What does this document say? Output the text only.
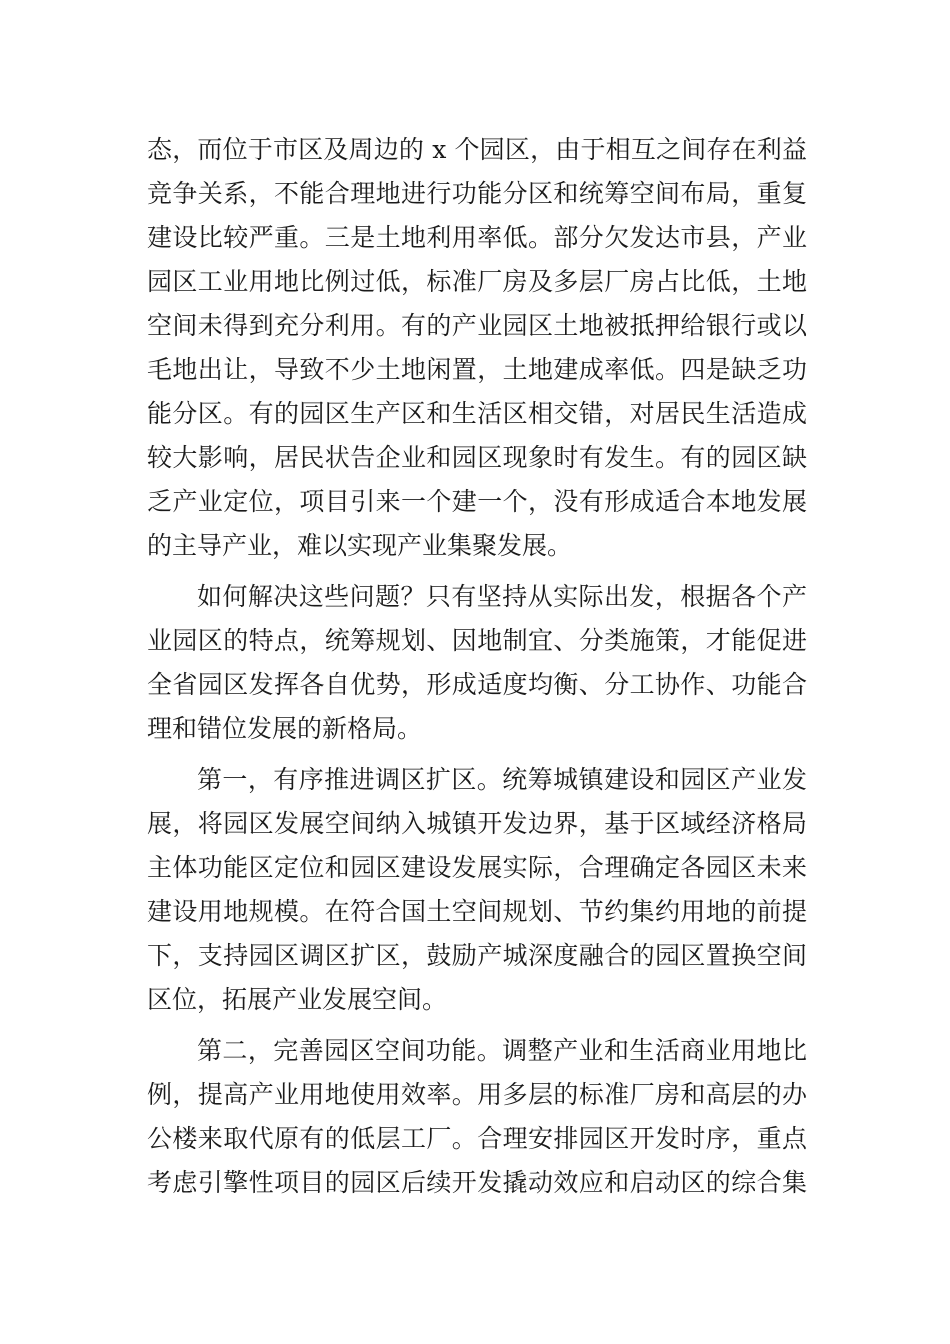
态，而位于市区及周边的 x 个园区，由于相互之间存在利益
竞争关系，不能合理地进行功能分区和统筹空间布局，重复
建设比较严重。三是土地利用率低。部分欠发达市县，产业
园区工业用地比例过低，标准厂房及多层厂房占比低，土地
空间未得到充分利用。有的产业园区土地被抵押给银行或以
毛地出让，导致不少土地闲置，土地建成率低。四是缺乏功
能分区。有的园区生产区和生活区相交错，对居民生活造成
较大影响，居民状告企业和园区现象时有发生。有的园区缺
乏产业定位，项目引来一个建一个，没有形成适合本地发展
的主导产业，难以实现产业集聚发展。
如何解决这些问题？只有坚持从实际出发，根据各个产
业园区的特点，统筹规划、因地制宜、分类施策，才能促进
全省园区发挥各自优势，形成适度均衡、分工协作、功能合
理和错位发展的新格局。
第一，有序推进调区扩区。统筹城镇建设和园区产业发
展，将园区发展空间纳入城镇开发边界，基于区域经济格局
主体功能区定位和园区建设发展实际，合理确定各园区未来
建设用地规模。在符合国土空间规划、节约集约用地的前提
下，支持园区调区扩区，鼓励产城深度融合的园区置换空间
区位，拓展产业发展空间。
第二，完善园区空间功能。调整产业和生活商业用地比
例，提高产业用地使用效率。用多层的标准厂房和高层的办
公楼来取代原有的低层工厂。合理安排园区开发时序，重点
考虑引擎性项目的园区后续开发撬动效应和启动区的综合集
